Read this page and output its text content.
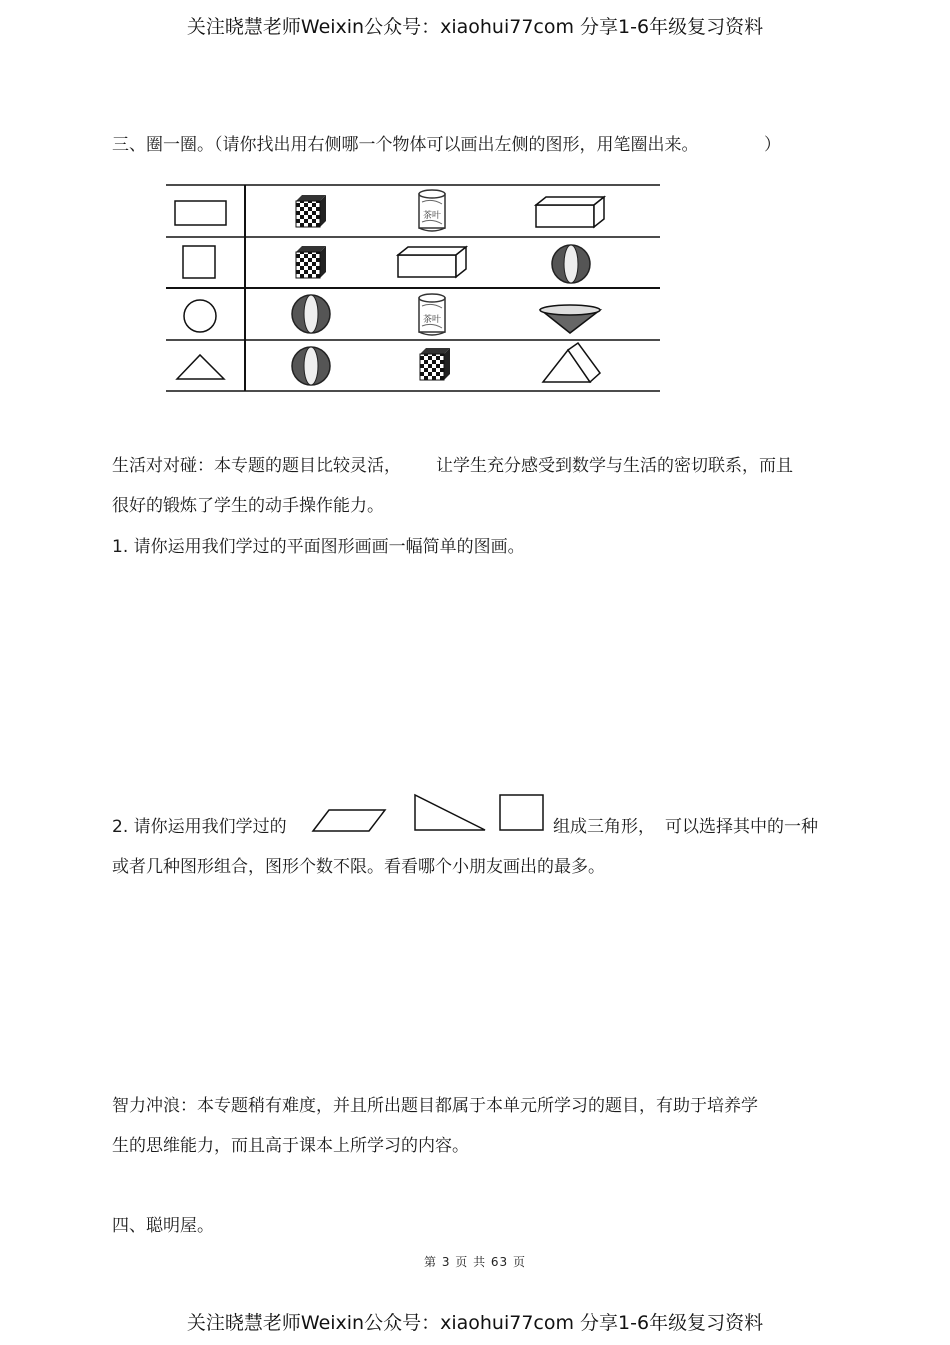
关注晓慧老师Weixin公众号：xiaohui77com 分享1-6年级复习资料
三、圈一圈。（请你找出用右侧哪一个物体可以画出左侧的图形，用笔圈出来。	）
茶叶
茶叶
生活对对碰：本专题的题目比较灵活， 让学生充分感受到数学与生活的密切联系，而且
很好的锻炼了学生的动手操作能力。
1. 请你运用我们学过的平面图形画画一幅简单的图画。
2. 请你运用我们学过的	组成三角形， 可以选择其中的一种
或者几种图形组合，图形个数不限。看看哪个小朋友画出的最多。
智力冲浪：本专题稍有难度，并且所出题目都属于本单元所学习的题目，有助于培养学
生的思维能力，而且高于课本上所学习的内容。
四、聪明屋。
第 3 页 共 63 页
关注晓慧老师Weixin公众号：xiaohui77com 分享1-6年级复习资料
